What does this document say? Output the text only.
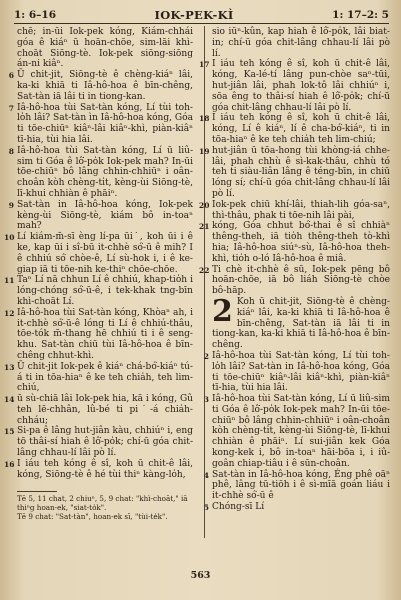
1: 6–16	IOK-PEK-KÌ	1: 17–2: 5

chē; in-ūi Iok-pek kóng, Kiám-chhái góa ê kiáⁿ ū hoān-chōe, sim-lāi khì-choāt Siōng-tè. Iok-pek siōng-siōng án-ni kiâⁿ.

6 Ū chit-jit, Siōng-tè ê chèng-kiáⁿ lâi, ka-ki khiā ti Iâ-hô-hoa ê bīn-chêng, Sat-tàn iā lâi ti in tiong-kan.

7 Iâ-hô-hoa tùi Sat-tàn kóng, Lí tùi toh-lo̍h lâi? Sat-tàn ìn Iâ-hô-hoa kóng, Góa ti tōe-chiūⁿ kiâⁿ-lâi kiâⁿ-khì, piàn-kiâⁿ tī-hia, tùi hia lâi.

8 Iâ-hô-hoa tùi Sat-tàn kóng, Lí ū liû-sim ti Góa ê lô͘-po̍k Iok-pek mah? In-ūi tōe-chiūⁿ bô lâng chhin-chhiūⁿ i oân-choân kòh chèng-ti̍t, kèng-ùi Siōng-tè, lī-khui chhiàn ê phāiⁿ.

9 Sat-tàn in Iâ-hô-hoa kóng, Iok-pek kèng-ùi Siōng-tè, kiám bô in-toaⁿ mah?

10 Lí kiám-m̄-sī èng lí-pa ūi˙, koh ūi i ê ke, kap ūi i sî-bū it-chhè só͘-ū ê mih? I ê chhiú só͘ chòe-ê, Lí sù-hok i, i ê ke-giap iā ti tōe-nih ke-thiⁿ chōe-chōe.

11 Taⁿ Lí nā chhun Lí ê chhiú, khap-tio̍h i lóng-chóng só͘-ū-ê, i tek-khak tng-bīn khì-choāt Lí.

12 Iâ-hô-hoa tùi Sat-tàn kóng, Khòaⁿ ah, i it-chhè só͘-ū-ê lóng ti Lí ê chhiú-thâu, tōe-tók m̄-thang hē chhiú ti i ê seng-khu. Sat-tàn chiū tùi Iâ-hô-hoa ê bīn-chêng chhut-khì.

13 Ū chit-jit Iok-pek ê kiáⁿ chá-bó͘-kiáⁿ tú-á ti in tōa-hiaⁿ ê ke teh chia̍h, teh lim-chiú,

14 ū sù-chiā lâi Iok-pek hia, kā i kóng, Gû teh lē-chhân, lû-bé ti pi˙-á chia̍h-chháu;

15 Si-pa ê lâng hut-jiân kàu, chhiúⁿ i, eng tō thâi-sí hiah ê lô͘-po̍k; chí-ū góa chit-lâng chhau-lí lâi pò lí.

16 I iáu teh kóng ê sî, koh ū chit-ê lâi, kóng, Siōng-tè ê hé tùi thiⁿ kàng-lo̍h,

sio iūⁿ-kûn, kap hiah ê lô͘-po̍k, lâi biat-in; chí-ū góa chit-lâng chhau-lí lâi pò lí.

17 I iáu teh kóng ê sî, koh ū chit-ê lâi, kóng, Ka-lé-tí lâng pun-chòe saⁿ-tūi, hut-jiân lâi, phah lok-tô lâi chhiúⁿ i, sōa êng to thâi-sí hiah ê lô͘-po̍k; chí-ū góa chit-lâng chhau-lí lâi pò lí.

18 I iáu teh kóng ê sî, koh ū chit-ê lâi, kóng, Lí ê kiáⁿ, lí ê cha-bó͘-kiáⁿ, ti in tōa-hiaⁿ ê ke teh chia̍h teh lim-chiú;

19 hut-jiân ū tōa-hong tùi khòng-iá chhe-lâi, phah chhù ê sì-kak-thâu, chhù tó teh ti siàu-liân lâng ê téng-bīn, in chiū lóng sí; chí-ū góa chit-lâng chhau-lí lâi pò lí.

20 Iok-pek chiū khí-lâi, thiah-lih góa-saⁿ, thì-thâu, phak ti tōe-nih lâi pài,

21 kóng, Góa chhut bó͘-thai ê sî chhiàⁿ thêng-theh, iā tio̍h thêng-theh tò-khì hia; Iâ-hô-hoa siúⁿ-sù, Iâ-hô-hoa theh-khì, tio̍h o-ló Iâ-hô-hoa ê miâ.

22 Ti chè it-chhè ê sū, Iok-pek pēng bô hoān-chōe, iā bô liáh Siōng-tè chòe bô-hāp.

2 Koh ū chit-jit, Siōng-tè ê chèng-kiáⁿ lâi, ka-ki khiā ti Iâ-hô-hoa ê bīn-chêng, Sat-tàn iā lâi ti in tiong-kan, ka-ki khiā ti Iâ-hô-hoa ê bīn-chêng.

2 Iâ-hô-hoa tùi Sat-tàn kóng, Lí tùi toh-lo̍h lâi? Sat-tàn in Iâ-hô-hoa kóng, Góa ti tōe-chiūⁿ kiâⁿ-lâi kiâⁿ-khì, piàn-kiâⁿ tī-hia, tùi hia lâi.

3 Iâ-hô-hoa tùi Sat-tàn kóng, Lí ū liû-sim ti Góa ê lô͘-po̍k Iok-pek mah? In-ūi tōe-chiūⁿ bô lâng chhin-chhiūⁿ i oân-choân kòh chèng-ti̍t, kèng-ùi Siōng-tè, lī-khui chhiàn ê phāiⁿ. Lí sui-jiân kek Góa kong-kek i, bô in-toaⁿ hāi-bōa i, i iû-goân chiap-tiâu i ê sūn-choân.

4 Sat-tàn in Iâ-hô-hoa kóng, Éng phê oāⁿ phê, lâng tū-tiōh i ê sì-mīā goán liáu i it-chhè só͘-ū ê

5 Chóng-sī Lí

Tē 5, 11 chat, 2 chiuⁿ, 5, 9 chat: "khì-choāt," iā thiⁿg hoan-ek, "siat-to̍k".
Tē 9 chat: "Sat-tàn", hoan-ek sī, "tùi-te̍k".
563
